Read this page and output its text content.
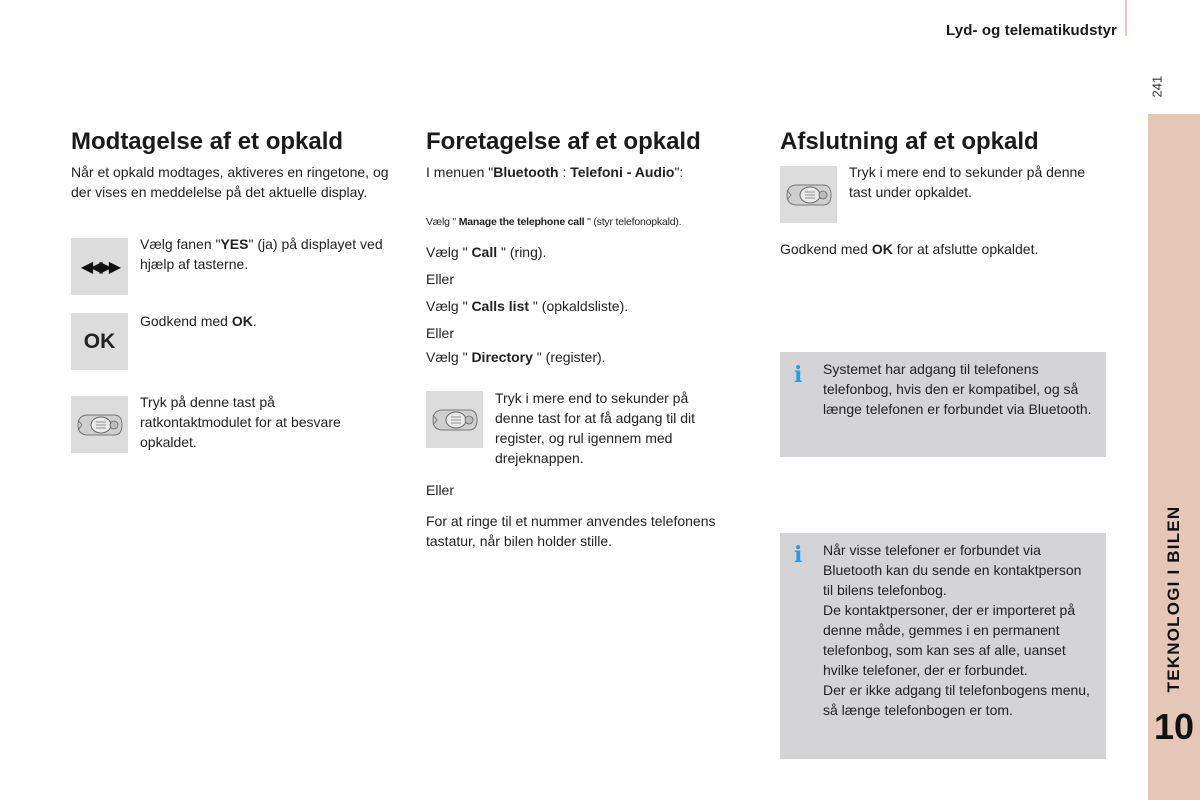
Lyd- og telematikudstyr
241
TEKNOLOGI I BILEN
10
Modtagelse af et opkald
Når et opkald modtages, aktiveres en ringetone, og der vises en meddelelse på det aktuelle display.
◀◀▶▶
Vælg fanen "YES" (ja) på displayet ved hjælp af tasterne.
OK
Godkend med OK.
Tryk på denne tast på ratkontaktmodulet for at besvare opkaldet.
Foretagelse af et opkald
I menuen "Bluetooth : Telefoni - Audio":
Vælg " Manage the telephone call " (styr telefonopkald).
Vælg " Call " (ring).
Eller
Vælg " Calls list " (opkaldsliste).
Eller
Vælg " Directory " (register).
Tryk i mere end to sekunder på denne tast for at få adgang til dit register, og rul igennem med drejeknappen.
Eller
For at ringe til et nummer anvendes telefonens tastatur, når bilen holder stille.
Afslutning af et opkald
Tryk i mere end to sekunder på denne tast under opkaldet.
Godkend med OK for at afslutte opkaldet.
i Systemet har adgang til telefonens telefonbog, hvis den er kompatibel, og så længe telefonen er forbundet via Bluetooth.
i Når visse telefoner er forbundet via Bluetooth kan du sende en kontaktperson til bilens telefonbog.
De kontaktpersoner, der er importeret på denne måde, gemmes i en permanent telefonbog, som kan ses af alle, uanset hvilke telefoner, der er forbundet.
Der er ikke adgang til telefonbogens menu, så længe telefonbogen er tom.
